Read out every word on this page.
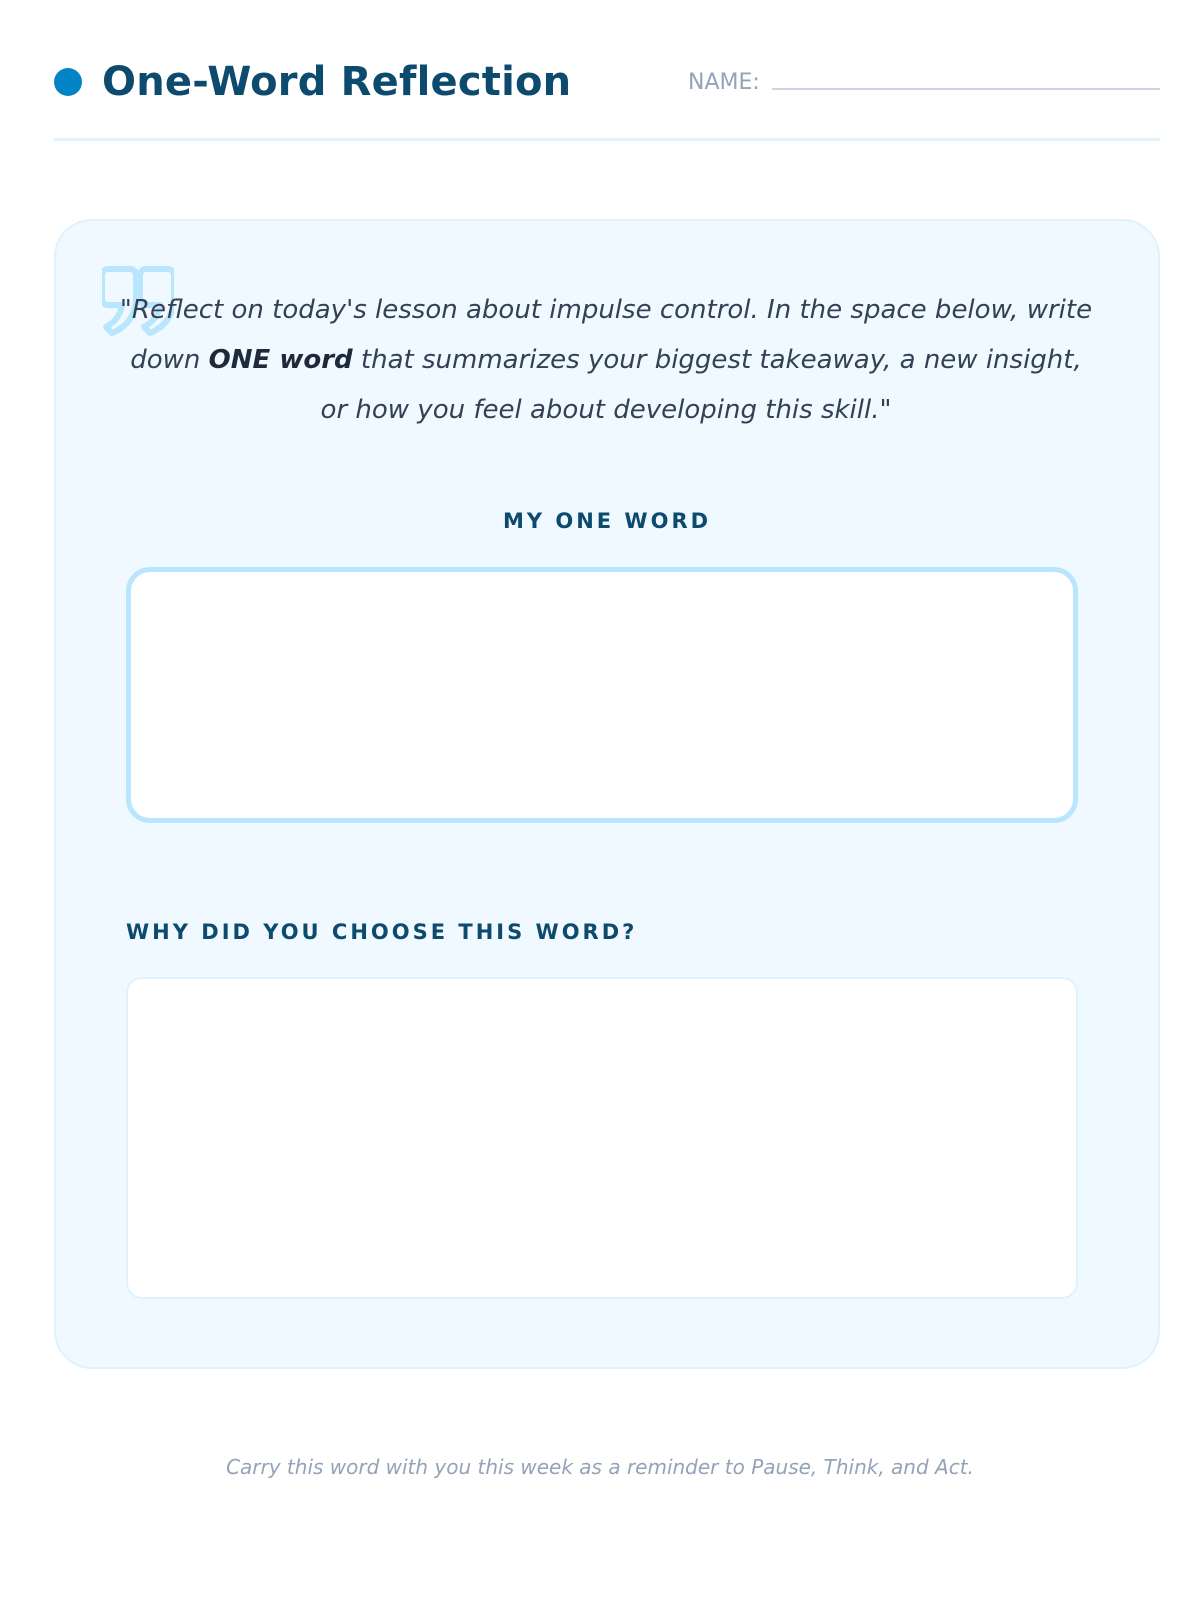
One-Word Reflection	NAME:

"Reflect on today's lesson about impulse control. In the space below, write down ONE word that summarizes your biggest takeaway, a new insight, or how you feel about developing this skill."

MY ONE WORD
WHY DID YOU CHOOSE THIS WORD?

Carry this word with you this week as a reminder to Pause, Think, and Act.
